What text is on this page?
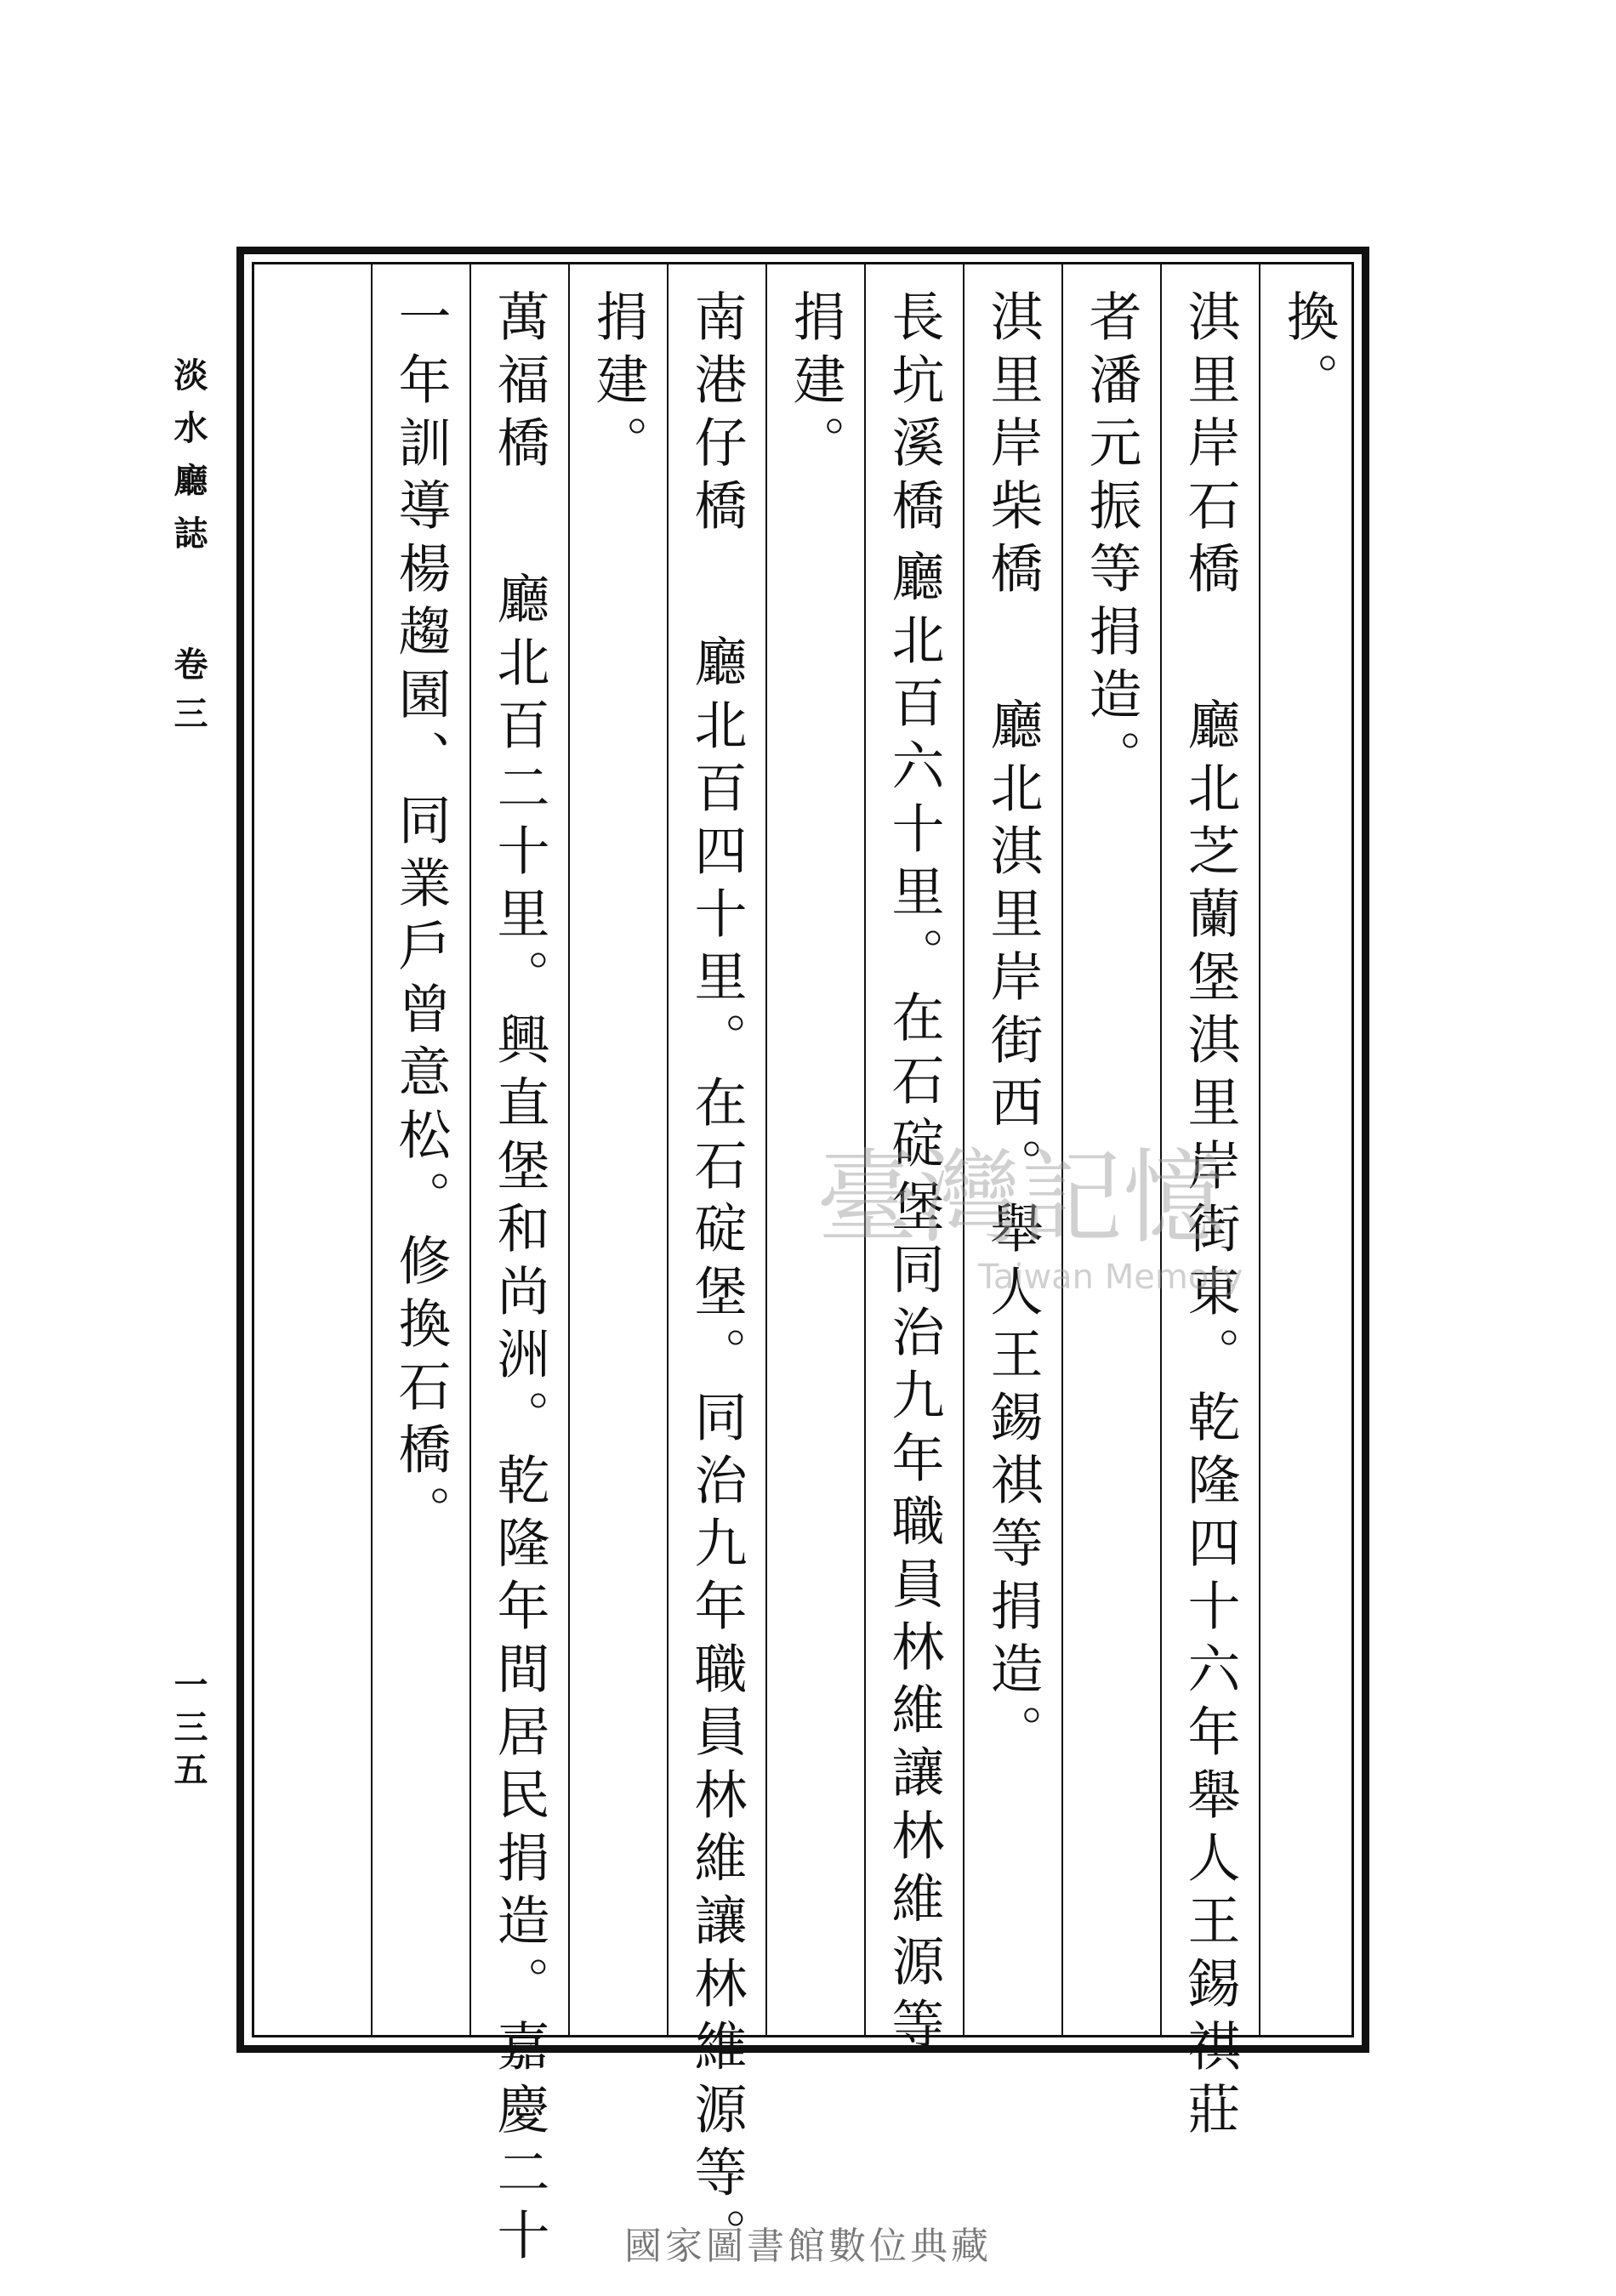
淡水廳誌
卷三
一三五
換。
淇里岸石橋
廳北芝蘭堡淇里岸街東。乾隆四十六年舉人王錫祺莊
者潘元振等捐造。
淇里岸柴橋
廳北淇里岸街西。舉人王錫祺等捐造。
長坑溪橋
廳北百六十里。在石碇堡同治九年職員林維讓林維源等
捐建。
南港仔橋
廳北百四十里。在石碇堡。同治九年職員林維讓林維源等。
捐建。
萬福橋
廳北百二十里。興直堡和尚洲。乾隆年間居民捐造。嘉慶二十
一年訓導楊趨園、同業戶曾意松。修換石橋。	臺灣記憶
Taiwan Memory
國家圖書館數位典藏
